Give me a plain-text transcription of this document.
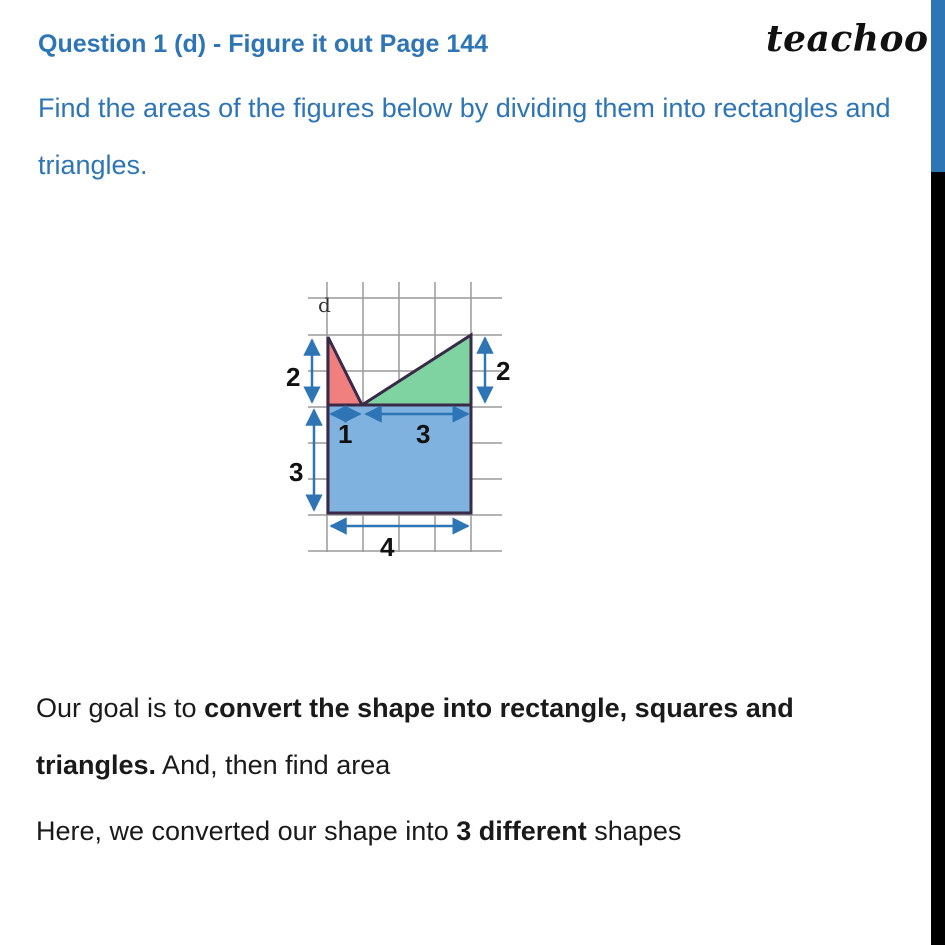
Question 1 (d) - Figure it out Page 144	teachoo
Find the areas of the figures below by dividing them into rectangles and triangles.
d
2	2
1 3
3
4
Our goal is to convert the shape into rectangle, squares and triangles. And, then find area
Here, we converted our shape into 3 different shapes
